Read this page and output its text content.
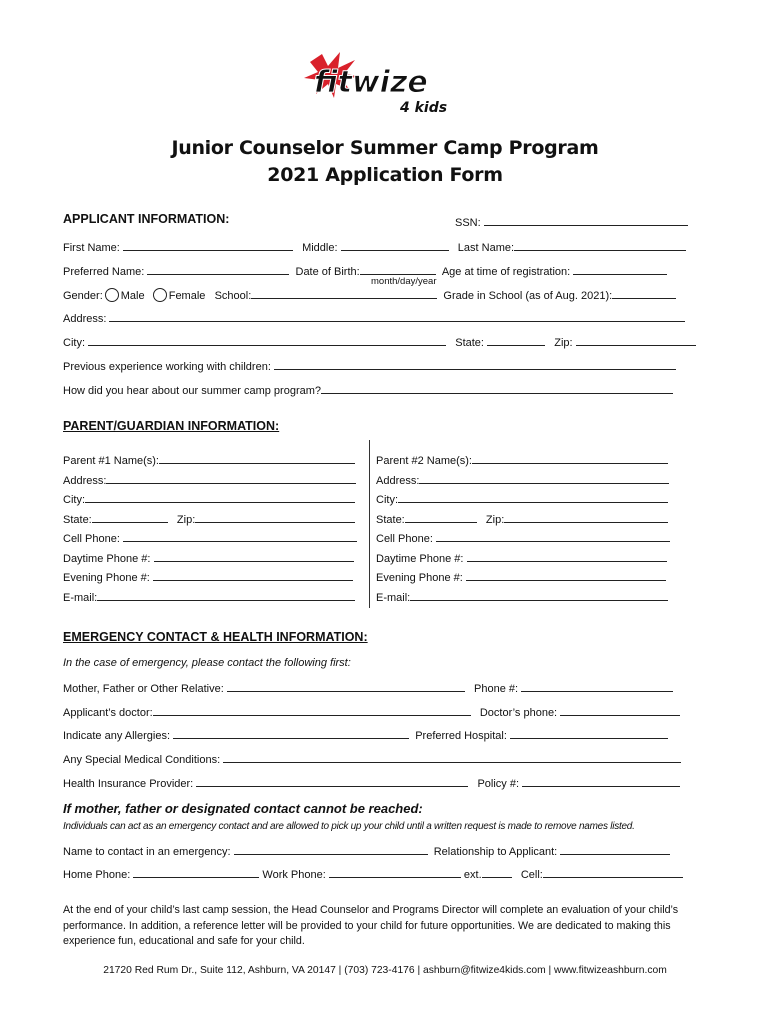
fitwize
4 kids
Junior Counselor Summer Camp Program
2021 Application Form
APPLICANT INFORMATION:	SSN:
First Name:	Middle:	Last Name:
Preferred Name:	Date of Birth:	Age at time of registration:
month/day/year
Gender: Male Female School:	Grade in School (as of Aug. 2021):
Address:
City:	State:	Zip:
Previous experience working with children:
How did you hear about our summer camp program?
PARENT/GUARDIAN INFORMATION:
Parent #1 Name(s):
Address:
City:
State:	Zip:
Cell Phone:
Daytime Phone #:
Evening Phone #:
E-mail:
Parent #2 Name(s):
Address:
City:
State:	Zip:
Cell Phone:
Daytime Phone #:
Evening Phone #:
E-mail:
EMERGENCY CONTACT & HEALTH INFORMATION:
In the case of emergency, please contact the following first:
Mother, Father or Other Relative:	Phone #:
Applicant’s doctor:	Doctor’s phone:
Indicate any Allergies:	Preferred Hospital:
Any Special Medical Conditions:
Health Insurance Provider:	Policy #:
If mother, father or designated contact cannot be reached:
Individuals can act as an emergency contact and are allowed to pick up your child until a written request is made to remove names listed.
Name to contact in an emergency:	Relationship to Applicant:
Home Phone:	Work Phone:	ext.	Cell:
At the end of your child’s last camp session, the Head Counselor and Programs Director will complete an evaluation of your child’s performance. In addition, a reference letter will be provided to your child for future opportunities. We are dedicated to making this experience fun, educational and safe for your child.
21720 Red Rum Dr., Suite 112, Ashburn, VA 20147 | (703) 723-4176 | ashburn@fitwize4kids.com | www.fitwizeashburn.com
